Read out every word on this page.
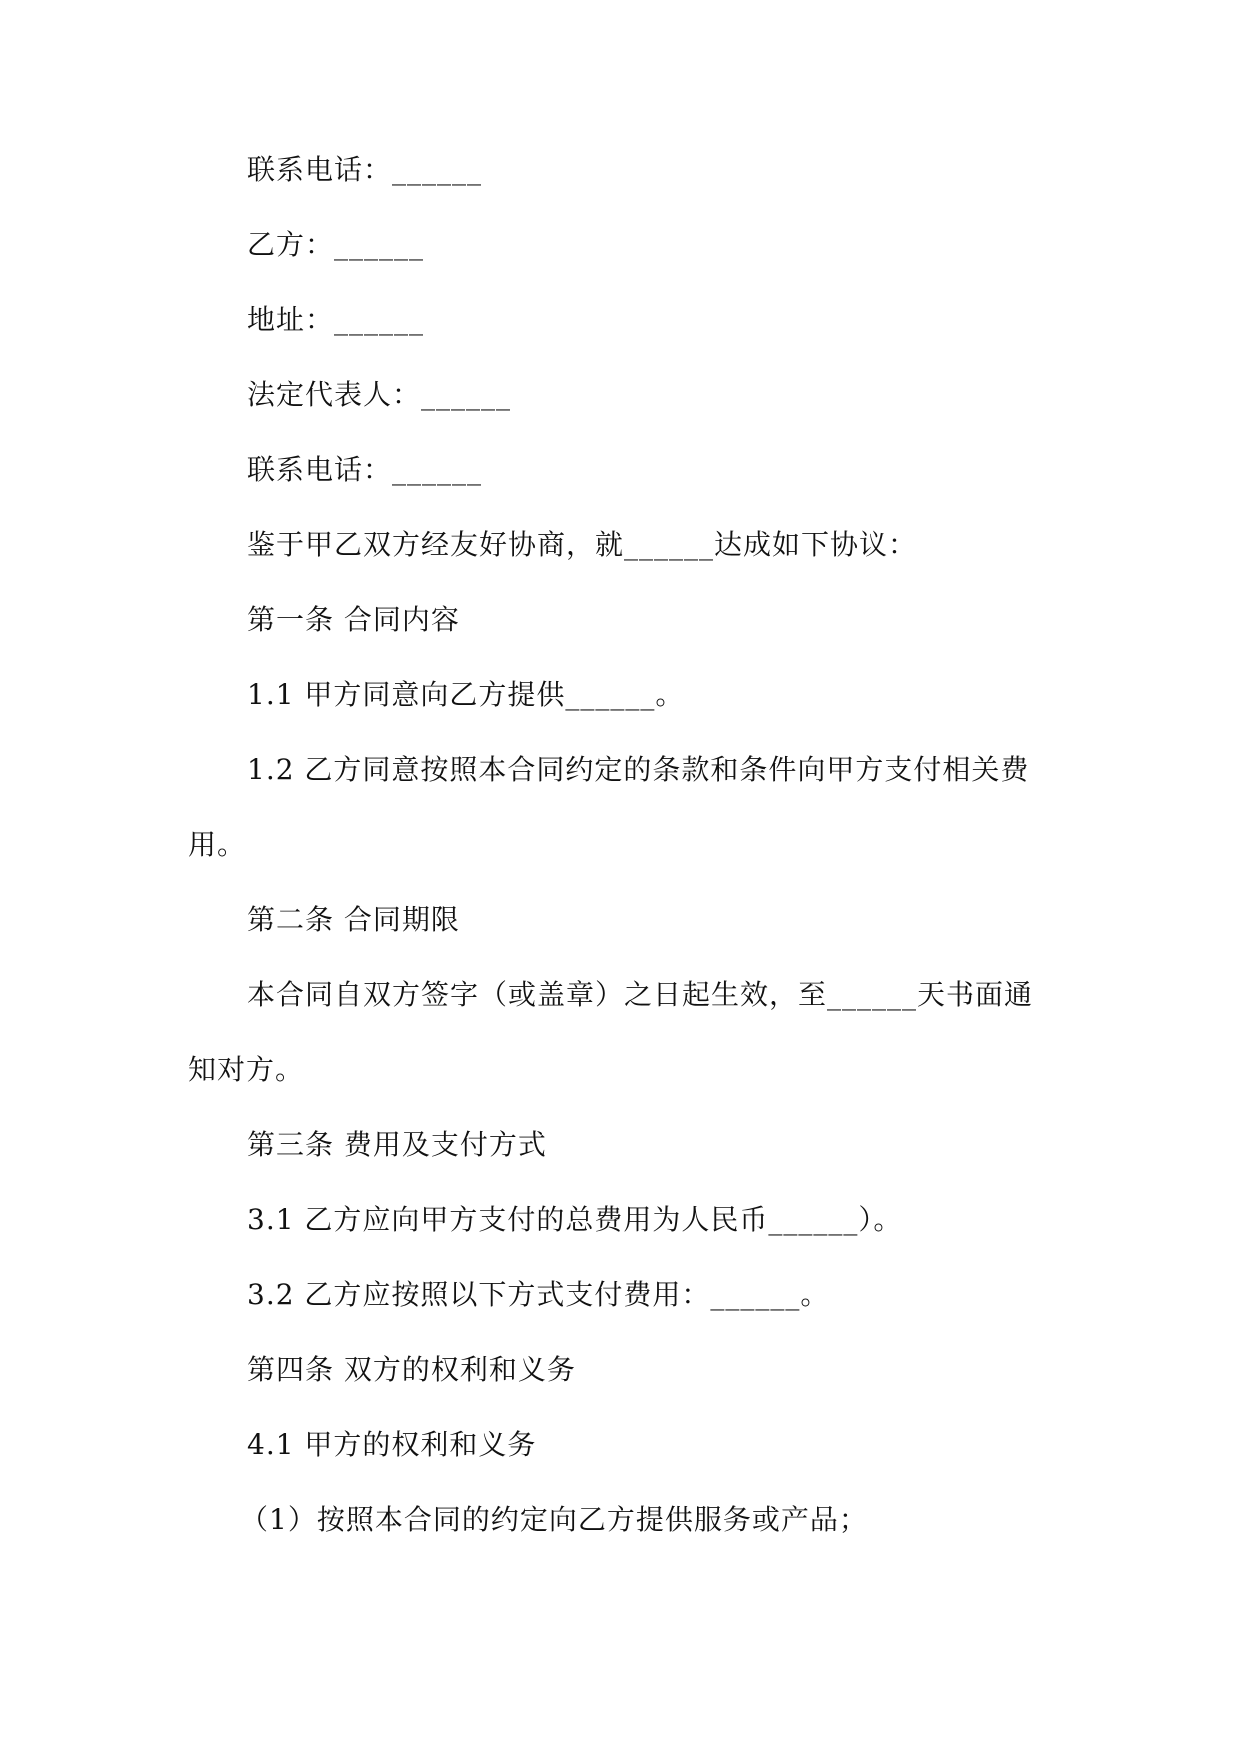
联系电话：______
乙方：______
地址：______
法定代表人：______
联系电话：______
鉴于甲乙双方经友好协商，就______达成如下协议：
第一条 合同内容
1.1 甲方同意向乙方提供______。
1.2 乙方同意按照本合同约定的条款和条件向甲方支付相关费
用。
第二条 合同期限
本合同自双方签字（或盖章）之日起生效，至______天书面通
知对方。
第三条 费用及支付方式
3.1 乙方应向甲方支付的总费用为人民币______）。
3.2 乙方应按照以下方式支付费用：______。
第四条 双方的权利和义务
4.1 甲方的权利和义务
（1）按照本合同的约定向乙方提供服务或产品；
